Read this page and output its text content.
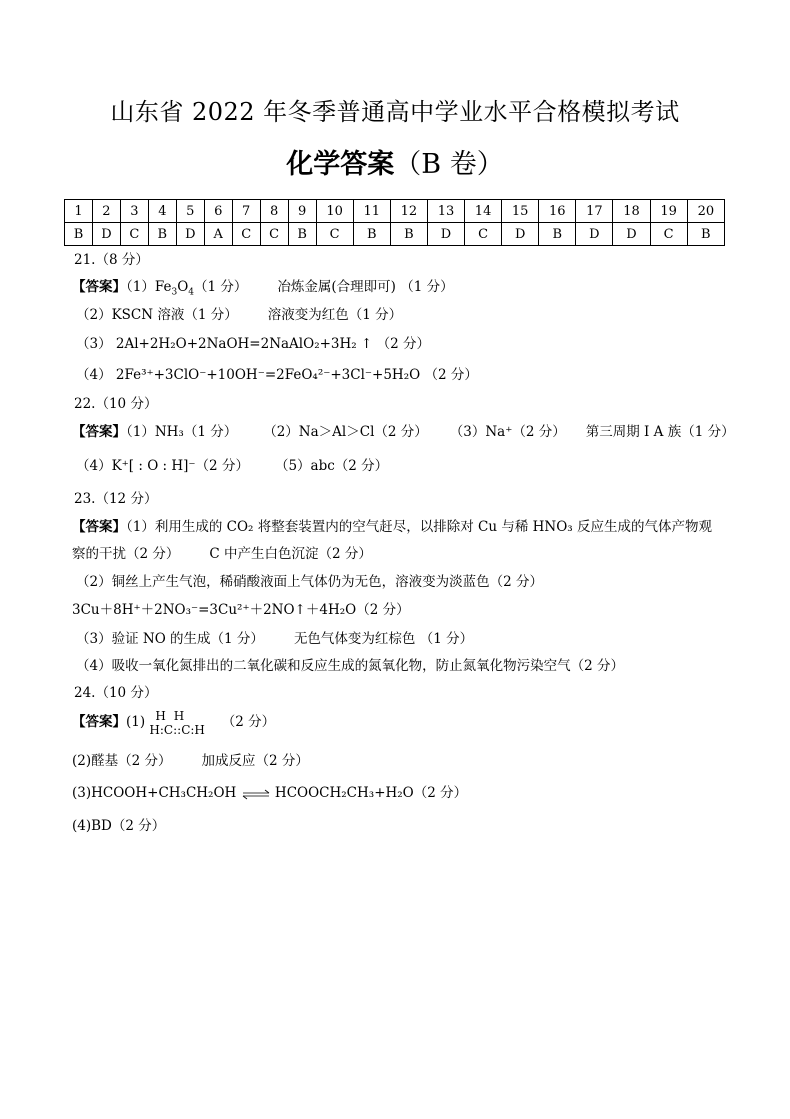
山东省 2022 年冬季普通高中学业水平合格模拟考试
化学答案（B 卷）
1	2	3	4	5	6	7	8	9	10	11	12	13	14	15	16	17	18	19	20
B	D	C	B	D	A	C	C	B	C	B	B	D	C	D	B	D	D	C	B
21.（8 分）
【答案】$(1)Fe_3O_4(1$ 分） 冶炼金属(合理即可) （1 分）
（2）KSCN 溶液（1 分） 溶液变为红色（1 分）
（3） 2Al+2H₂O+2NaOH=2NaAlO₂+3H₂ ↑ （2 分）
（4） 2Fe³⁺+3ClO⁻+10OH⁻=2FeO₄²⁻+3Cl⁻+5H₂O （2 分）
22.（10 分）
【答案】（1）NH₃（1 分） （2）Na＞Al＞Cl（2 分） （3）Na⁺（2 分） 第三周期 I A 族（1 分）
（4）K⁺[ : O : H]⁻（2 分） （5）abc（2 分）
23.（12 分）
【答案】（1）利用生成的 CO₂ 将整套装置内的空气赶尽，以排除对 Cu 与稀 HNO₃ 反应生成的气体产物观
察的干扰（2 分） C 中产生白色沉淀（2 分）
（2）铜丝上产生气泡，稀硝酸液面上气体仍为无色，溶液变为淡蓝色（2 分）
3Cu＋8H⁺＋2NO₃⁻=3Cu²⁺＋2NO↑＋4H₂O（2 分）
（3）验证 NO 的生成（1 分） 无色气体变为红棕色 （1 分）
（4）吸收一氧化氮排出的二氧化碳和反应生成的氮氧化物，防止氮氧化物污染空气（2 分）
24.（10 分）
【答案】(1) H H
H:C::C:H （2 分）
(2)醛基（2 分） 加成反应（2 分）
(3)HCOOH+CH₃CH₂OH	HCOOCH₂CH₃+H₂O（2 分）
(4)BD（2 分）
